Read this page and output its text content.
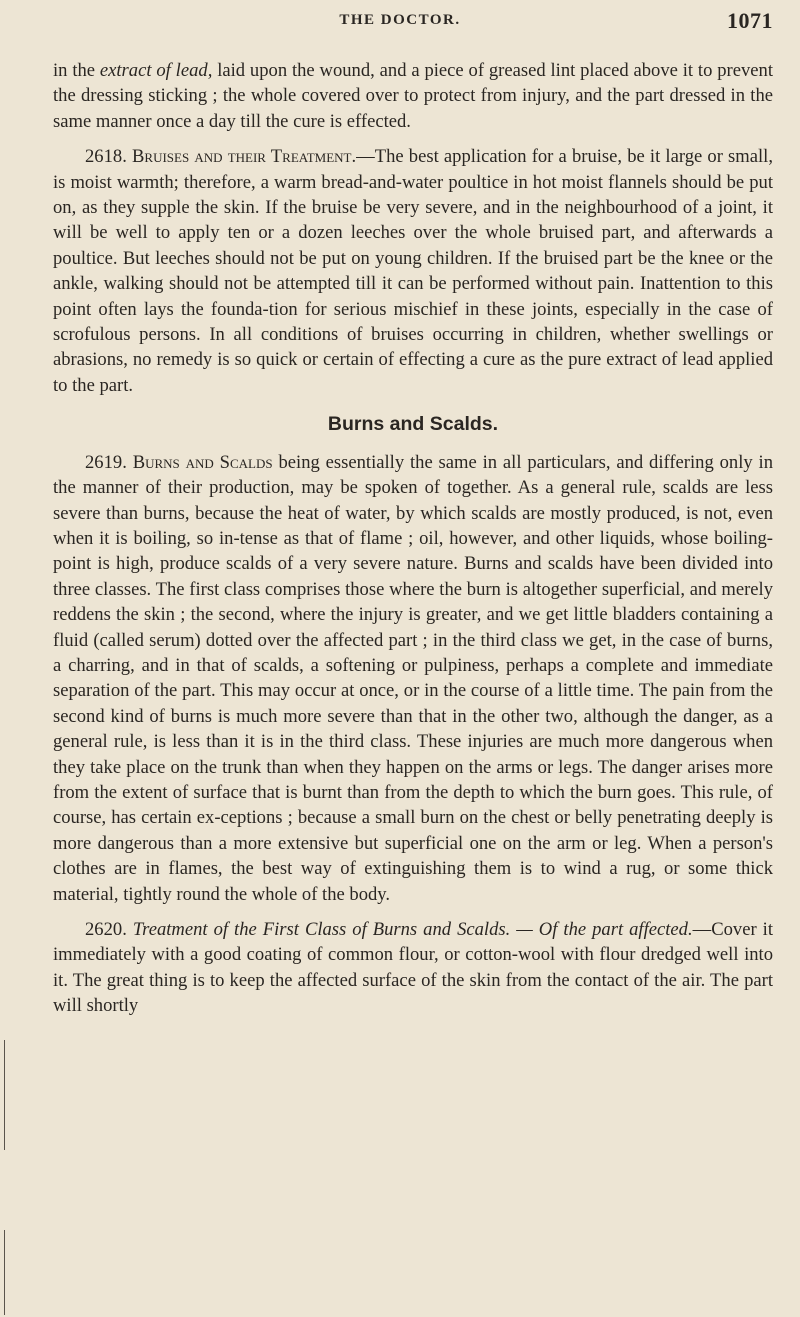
THE DOCTOR.	1071

in the extract of lead, laid upon the wound, and a piece of greased lint placed above it to prevent the dressing sticking ; the whole covered over to protect from injury, and the part dressed in the same manner once a day till the cure is effected.

2618. Bruises and their Treatment.—The best application for a bruise, be it large or small, is moist warmth; therefore, a warm bread-and-water poultice in hot moist flannels should be put on, as they supple the skin. If the bruise be very severe, and in the neighbourhood of a joint, it will be well to apply ten or a dozen leeches over the whole bruised part, and afterwards a poultice. But leeches should not be put on young children. If the bruised part be the knee or the ankle, walking should not be attempted till it can be performed without pain. Inattention to this point often lays the founda-tion for serious mischief in these joints, especially in the case of scrofulous persons. In all conditions of bruises occurring in children, whether swellings or abrasions, no remedy is so quick or certain of effecting a cure as the pure extract of lead applied to the part.

Burns and Scalds.

2619. Burns and Scalds being essentially the same in all particulars, and differing only in the manner of their production, may be spoken of together. As a general rule, scalds are less severe than burns, because the heat of water, by which scalds are mostly produced, is not, even when it is boiling, so in-tense as that of flame ; oil, however, and other liquids, whose boiling-point is high, produce scalds of a very severe nature. Burns and scalds have been divided into three classes. The first class comprises those where the burn is altogether superficial, and merely reddens the skin ; the second, where the injury is greater, and we get little bladders containing a fluid (called serum) dotted over the affected part ; in the third class we get, in the case of burns, a charring, and in that of scalds, a softening or pulpiness, perhaps a complete and immediate separation of the part. This may occur at once, or in the course of a little time. The pain from the second kind of burns is much more severe than that in the other two, although the danger, as a general rule, is less than it is in the third class. These injuries are much more dangerous when they take place on the trunk than when they happen on the arms or legs. The danger arises more from the extent of surface that is burnt than from the depth to which the burn goes. This rule, of course, has certain ex-ceptions ; because a small burn on the chest or belly penetrating deeply is more dangerous than a more extensive but superficial one on the arm or leg. When a person's clothes are in flames, the best way of extinguishing them is to wind a rug, or some thick material, tightly round the whole of the body.

2620. Treatment of the First Class of Burns and Scalds. — Of the part affected.—Cover it immediately with a good coating of common flour, or cotton-wool with flour dredged well into it. The great thing is to keep the affected surface of the skin from the contact of the air. The part will shortly
